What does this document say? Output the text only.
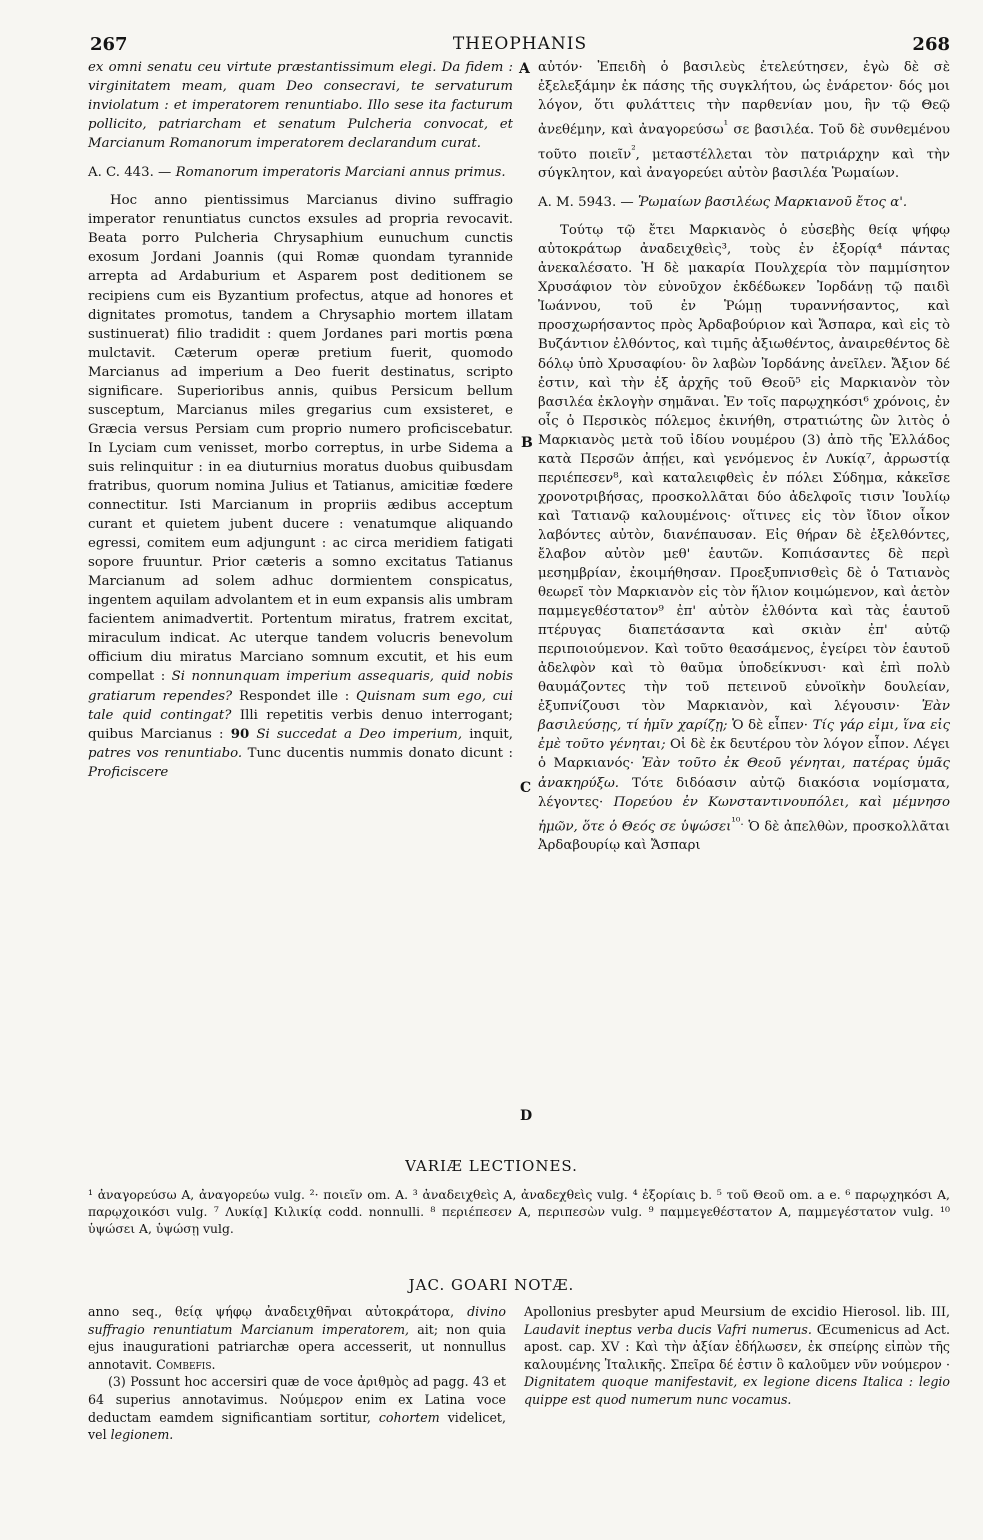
267	THEOPHANIS	268
A
B
C
D

ex omni senatu ceu virtute præstantissimum elegi. Da fidem : virginitatem meam, quam Deo consecravi, te servaturum inviolatum : et imperatorem renuntiabo. Illo sese ita facturum pollicito, patriarcham et senatum Pulcheria convocat, et Marcianum Romanorum imperatorem declarandum curat.

A. C. 443. — Romanorum imperatoris Marciani annus primus.

Hoc anno pientissimus Marcianus divino suffragio imperator renuntiatus cunctos exsules ad propria revocavit. Beata porro Pulcheria Chrysaphium eunuchum cunctis exosum Jordani Joannis (qui Romæ quondam tyrannide arrepta ad Ardaburium et Asparem post deditionem se recipiens cum eis Byzantium profectus, atque ad honores et dignitates promotus, tandem a Chrysaphio mortem illatam sustinuerat) filio tradidit : quem Jordanes pari mortis pœna mulctavit. Cæterum operæ pretium fuerit, quomodo Marcianus ad imperium a Deo fuerit destinatus, scripto significare. Superioribus annis, quibus Persicum bellum susceptum, Marcianus miles gregarius cum exsisteret, e Græcia versus Persiam cum proprio numero proficiscebatur. In Lyciam cum venisset, morbo correptus, in urbe Sidema a suis relinquitur : in ea diuturnius moratus duobus quibusdam fratribus, quorum nomina Julius et Tatianus, amicitiæ fœdere connectitur. Isti Marcianum in propriis ædibus acceptum curant et quietem jubent ducere : venatumque aliquando egressi, comitem eum adjungunt : ac circa meridiem fatigati sopore fruuntur. Prior cæteris a somno excitatus Tatianus Marcianum ad solem adhuc dormientem conspicatus, ingentem aquilam advolantem et in eum expansis alis umbram facientem animadvertit. Portentum miratus, fratrem excitat, miraculum indicat. Ac uterque tandem volucris benevolum officium diu miratus Marciano somnum excutit, et his eum compellat : Si nonnunquam imperium assequaris, quid nobis gratiarum rependes? Respondet ille : Quisnam sum ego, cui tale quid contingat? Illi repetitis verbis denuo interrogant; quibus Marcianus : 90 Si succedat a Deo imperium, inquit, patres vos renuntiabo. Tunc ducentis nummis donato dicunt : Proficiscere

αὐτόν· Ἐπειδὴ ὁ βασιλεὺς ἐτελεύτησεν, ἐγὼ δὲ σὲ ἐξελεξάμην ἐκ πάσης τῆς συγκλήτου, ὡς ἐνάρετον· δός μοι λόγον, ὅτι φυλάττεις τὴν παρθενίαν μου, ἣν τῷ Θεῷ ἀνεθέμην, καὶ ἀναγορεύσω$^{^1}$ σε βασιλέα. Τοῦ δὲ συνθεμένου τοῦτο ποιεῖν$^{^2}$, μεταστέλλεται τὸν πατριάρχην καὶ τὴν σύγκλητον, καὶ ἀναγορεύει αὐτὸν βασιλέα Ῥωμαίων.

A. M. 5943. — Ῥωμαίων βασιλέως Μαρκιανοῦ ἔτος α'.

Τούτῳ τῷ ἔτει Μαρκιανὸς ὁ εὐσεβὴς θείᾳ ψήφῳ αὐτοκράτωρ ἀναδειχθεὶς³, τοὺς ἐν ἐξορίᾳ⁴ πάντας ἀνεκαλέσατο. Ἡ δὲ μακαρία Πουλχερία τὸν παμμίσητον Χρυσάφιον τὸν εὐνοῦχον ἐκδέδωκεν Ἰορδάνῃ τῷ παιδὶ Ἰωάννου, τοῦ ἐν Ῥώμῃ τυραννήσαντος, καὶ προσχωρήσαντος πρὸς Ἀρδαβούριον καὶ Ἄσπαρα, καὶ εἰς τὸ Βυζάντιον ἐλθόντος, καὶ τιμῆς ἀξιωθέντος, ἀναιρεθέντος δὲ δόλῳ ὑπὸ Χρυσαφίου· ὃν λαβὼν Ἰορδάνης ἀνεῖλεν. Ἄξιον δέ ἐστιν, καὶ τὴν ἐξ ἀρχῆς τοῦ Θεοῦ⁵ εἰς Μαρκιανὸν τὸν βασιλέα ἐκλογὴν σημᾶναι. Ἐν τοῖς παρῳχηκόσι⁶ χρόνοις, ἐν οἷς ὁ Περσικὸς πόλεμος ἐκινήθη, στρατιώτης ὢν λιτὸς ὁ Μαρκιανὸς μετὰ τοῦ ἰδίου νουμέρου (3) ἀπὸ τῆς Ἑλλάδος κατὰ Περσῶν ἀπῄει, καὶ γενόμενος ἐν Λυκίᾳ⁷, ἀρρωστίᾳ περιέπεσεν⁸, καὶ καταλειφθεὶς ἐν πόλει Σύδημα, κἀκεῖσε χρονοτριβήσας, προσκολλᾶται δύο ἀδελφοῖς τισιν Ἰουλίῳ καὶ Τατιανῷ καλουμένοις· οἵτινες εἰς τὸν ἴδιον οἶκον λαβόντες αὐτὸν, διανέπαυσαν. Εἰς θήραν δὲ ἐξελθόντες, ἔλαβον αὐτὸν μεθ' ἑαυτῶν. Κοπιάσαντες δὲ περὶ μεσημβρίαν, ἐκοιμήθησαν. Προεξυπνισθεὶς δὲ ὁ Τατιανὸς θεωρεῖ τὸν Μαρκιανὸν εἰς τὸν ἥλιον κοιμώμενον, καὶ ἀετὸν παμμεγεθέστατον⁹ ἐπ' αὐτὸν ἐλθόντα καὶ τὰς ἑαυτοῦ πτέρυγας διαπετάσαντα καὶ σκιὰν ἐπ' αὐτῷ περιποιούμενον. Καὶ τοῦτο θεασάμενος, ἐγείρει τὸν ἑαυτοῦ ἀδελφὸν καὶ τὸ θαῦμα ὑποδείκνυσι· καὶ ἐπὶ πολὺ θαυμάζοντες τὴν τοῦ πετεινοῦ εὐνοϊκὴν δουλείαν, ἐξυπνίζουσι τὸν Μαρκιανὸν, καὶ λέγουσιν· Ἐὰν βασιλεύσῃς, τί ἡμῖν χαρίζῃ; Ὁ δὲ εἶπεν· Τίς γάρ εἰμι, ἵνα εἰς ἐμὲ τοῦτο γένηται; Οἱ δὲ ἐκ δευτέρου τὸν λόγον εἶπον. Λέγει ὁ Μαρκιανός· Ἐὰν τοῦτο ἐκ Θεοῦ γένηται, πατέρας ὑμᾶς ἀνακηρύξω. Τότε διδόασιν αὐτῷ διακόσια νομίσματα, λέγοντες· Πορεύου ἐν Κωνσταντινουπόλει, καὶ μέμνησο ἡμῶν, ὅτε ὁ Θεός σε ὑψώσει$^{^{10}.}$ Ὁ δὲ ἀπελθὼν, προσκολλᾶται Ἀρδαβουρίῳ καὶ Ἄσπαρι

VARIÆ LECTIONES.
¹ ἀναγορεύσω A, ἀναγορεύω vulg. ²· ποιεῖν om. A. ³ ἀναδειχθεὶς A, ἀναδεχθεὶς vulg. ⁴ ἐξορίαις b. ⁵ τοῦ Θεοῦ om. a e. ⁶ παρῳχηκόσι A, παρῳχοικόσι vulg. ⁷ Λυκίᾳ] Κιλικίᾳ codd. nonnulli. ⁸ περιέπεσεν A, περιπεσὼν vulg. ⁹ παμμεγεθέστατον A, παμμεγέστατον vulg. ¹⁰ ὑψώσει A, ὑψώσῃ vulg.
JAC. GOARI NOTÆ.

anno seq., θείᾳ ψήφῳ ἀναδειχθῆναι αὐτοκράτορα, divino suffragio renuntiatum Marcianum imperatorem, ait; non quia ejus inaugurationi patriarchæ opera accesserit, ut nonnullus annotavit. Combefis.

(3) Possunt hoc accersiri quæ de voce ἀριθμὸς ad pagg. 43 et 64 superius annotavimus. Νούμερον enim ex Latina voce deductam eamdem significantiam sortitur, cohortem videlicet, vel legionem.

Apollonius presbyter apud Meursium de excidio Hierosol. lib. III, Laudavit ineptus verba ducis Vafri numerus. Œcumenicus ad Act. apost. cap. XV : Καὶ τὴν ἀξίαν ἐδήλωσεν, ἐκ σπείρης εἰπὼν τῆς καλουμένης Ἰταλικῆς. Σπεῖρα δέ ἐστιν ὃ καλοῦμεν νῦν νούμερον · Dignitatem quoque manifestavit, ex legione dicens Italica : legio quippe est quod numerum nunc vocamus.
